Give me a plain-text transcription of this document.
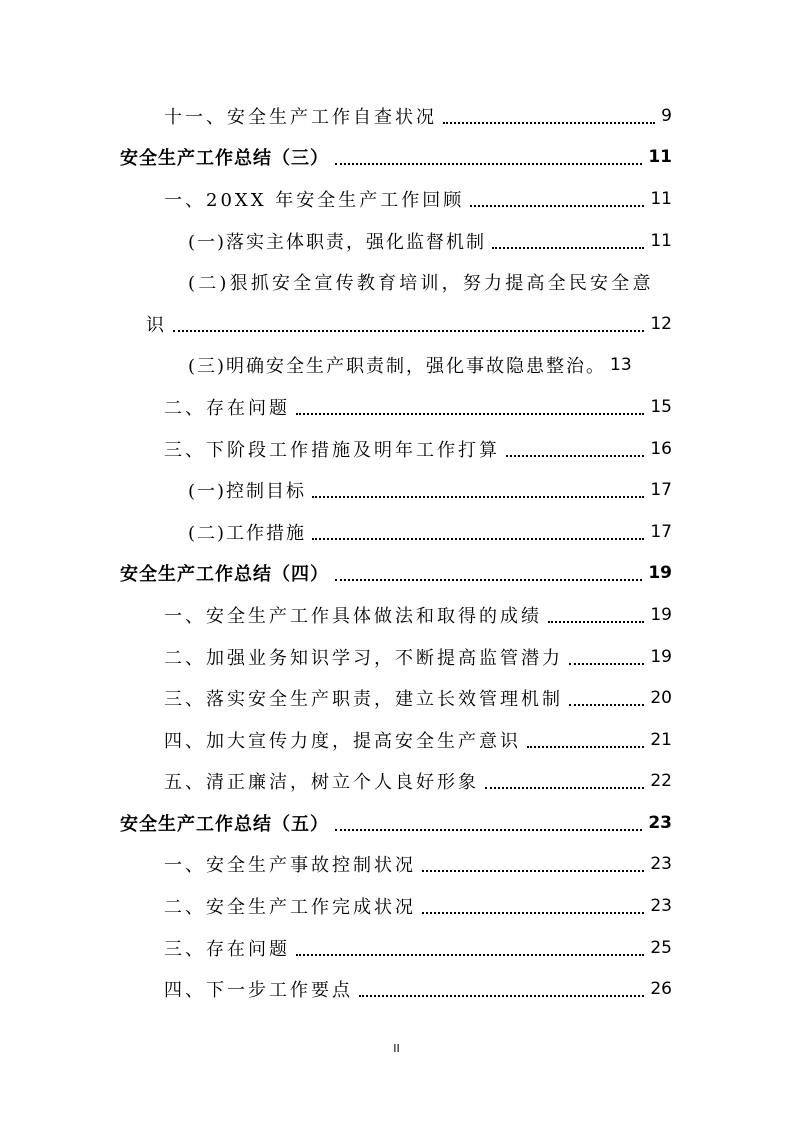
十一、安全生产工作自查状况	9
安全生产工作总结（三）	11
一、20XX 年安全生产工作回顾	11
(一)落实主体职责，强化监督机制	11
(二)狠抓安全宣传教育培训，努力提高全民安全意
识	12
(三)明确安全生产职责制，强化事故隐患整治。 13
二、存在问题	15
三、下阶段工作措施及明年工作打算	16
(一)控制目标	17
(二)工作措施	17
安全生产工作总结（四）	19
一、安全生产工作具体做法和取得的成绩	19
二、加强业务知识学习，不断提高监管潜力	19
三、落实安全生产职责，建立长效管理机制	20
四、加大宣传力度，提高安全生产意识	21
五、清正廉洁，树立个人良好形象	22
安全生产工作总结（五）	23
一、安全生产事故控制状况	23
二、安全生产工作完成状况	23
三、存在问题	25
四、下一步工作要点	26
II
